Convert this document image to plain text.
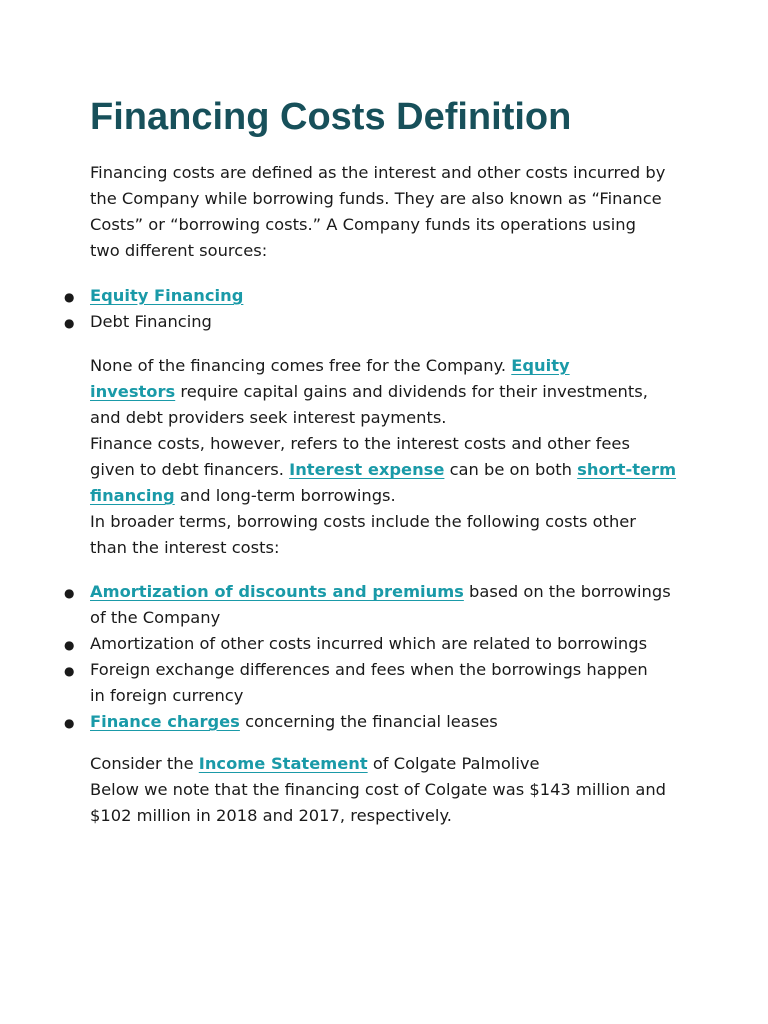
Financing Costs Definition

Financing costs are defined as the interest and other costs incurred by
the Company while borrowing funds. They are also known as “Finance
Costs” or “borrowing costs.” A Company funds its operations using
two different sources:

● Equity Financing
● Debt Financing

None of the financing comes free for the Company. Equity
investors require capital gains and dividends for their investments,
and debt providers seek interest payments.
Finance costs, however, refers to the interest costs and other fees
given to debt financers. Interest expense can be on both short-term
financing and long-term borrowings.
In broader terms, borrowing costs include the following costs other
than the interest costs:

● Amortization of discounts and premiums based on the borrowings
of the Company
● Amortization of other costs incurred which are related to borrowings
● Foreign exchange differences and fees when the borrowings happen
in foreign currency
● Finance charges concerning the financial leases

Consider the Income Statement of Colgate Palmolive
Below we note that the financing cost of Colgate was $143 million and
$102 million in 2018 and 2017, respectively.
